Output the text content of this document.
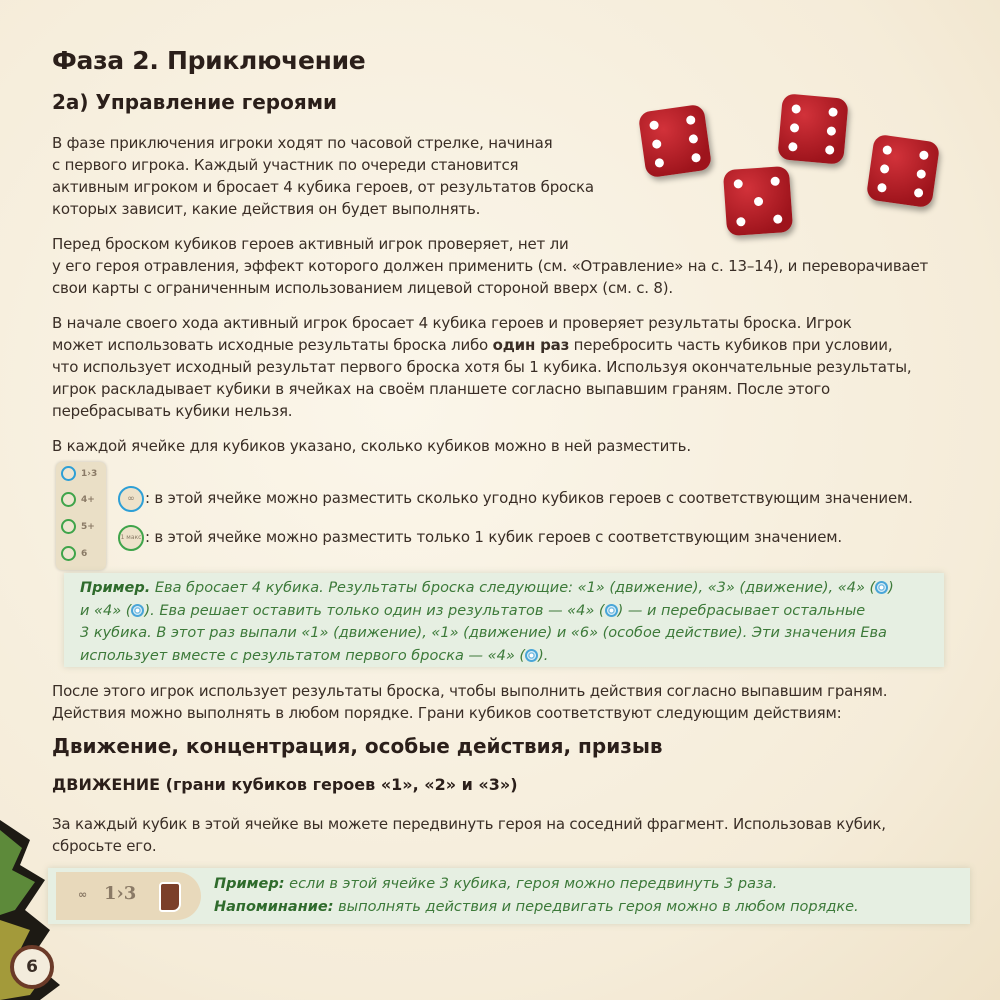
Фаза 2. Приключение
2а) Управление героями
В фазе приключения игроки ходят по часовой стрелке, начиная
с первого игрока. Каждый участник по очереди становится
активным игроком и бросает 4 кубика героев, от результатов броска
которых зависит, какие действия он будет выполнять.
Перед броском кубиков героев активный игрок проверяет, нет ли
у его героя отравления, эффект которого должен применить (см. «Отравление» на с. 13–14), и переворачивает
свои карты с ограниченным использованием лицевой стороной вверх (см. с. 8).
В начале своего хода активный игрок бросает 4 кубика героев и проверяет результаты броска. Игрок
может использовать исходные результаты броска либо один раз перебросить часть кубиков при условии,
что использует исходный результат первого броска хотя бы 1 кубика. Используя окончательные результаты,
игрок раскладывает кубики в ячейках на своём планшете согласно выпавшим граням. После этого
перебрасывать кубики нельзя.
В каждой ячейке для кубиков указано, сколько кубиков можно в ней разместить.
1›3
4+
5+
6
∞ : в этой ячейке можно разместить сколько угодно кубиков героев с соответствующим значением.
1 макс : в этой ячейке можно разместить только 1 кубик героев с соответствующим значением.
Пример. Ева бросает 4 кубика. Результаты броска следующие: «1» (движение), «3» (движение), «4» ( )
и «4» ( ). Ева решает оставить только один из результатов — «4» ( ) — и перебрасывает остальные
3 кубика. В этот раз выпали «1» (движение), «1» (движение) и «6» (особое действие). Эти значения Ева
использует вместе с результатом первого броска — «4» ( ).
После этого игрок использует результаты броска, чтобы выполнить действия согласно выпавшим граням.
Действия можно выполнять в любом порядке. Грани кубиков соответствуют следующим действиям:
Движение, концентрация, особые действия, призыв
ДВИЖЕНИЕ (грани кубиков героев «1», «2» и «3»)
За каждый кубик в этой ячейке вы можете передвинуть героя на соседний фрагмент. Использовав кубик,
сбросьте его.
∞ 1›3	Пример: если в этой ячейке 3 кубика, героя можно передвинуть 3 раза.
Напоминание: выполнять действия и передвигать героя можно в любом порядке.
6
